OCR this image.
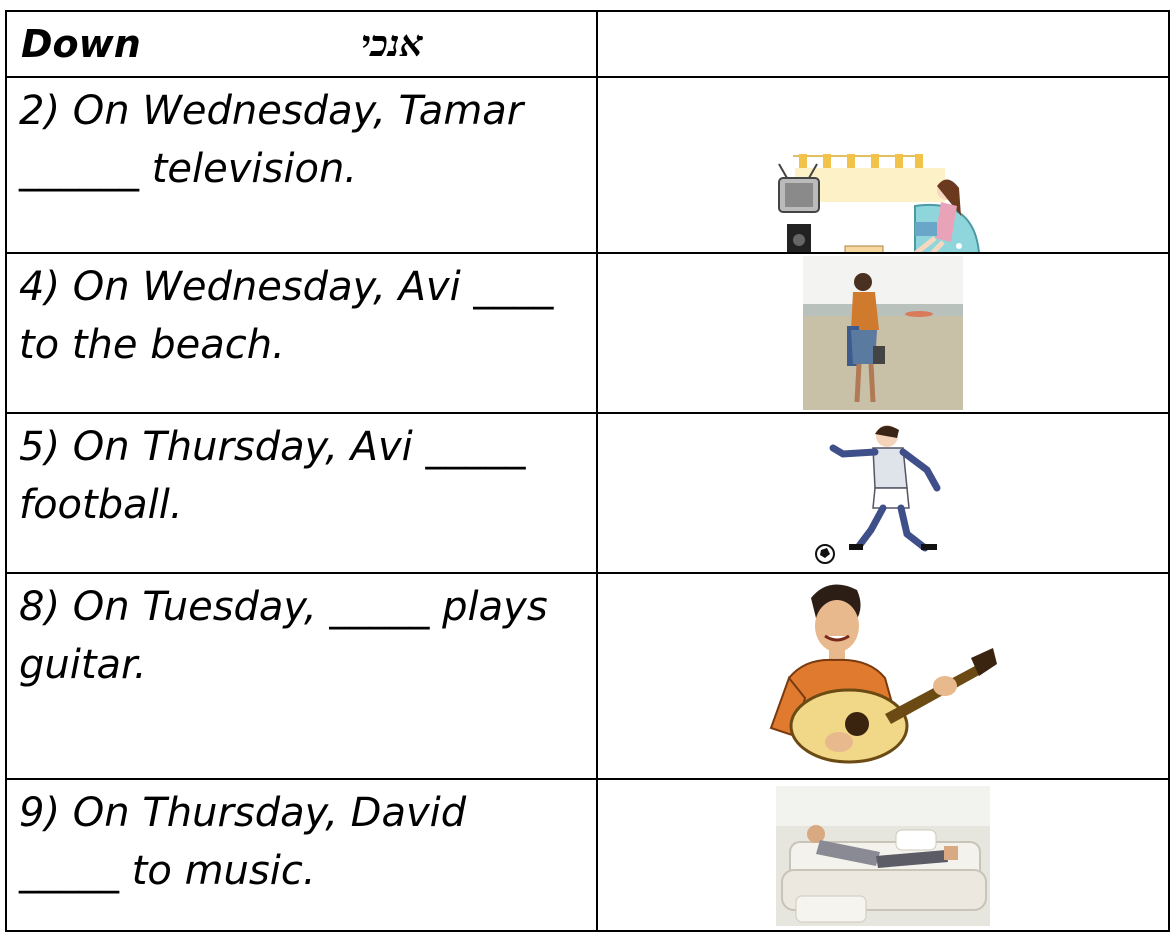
Down אנכי	

2) On Wednesday, Tamar
______ television.

4) On Wednesday, Avi ____
to the beach.

5) On Thursday, Avi _____
football.

8) On Tuesday, _____ plays
guitar.

9) On Thursday, David
_____ to music.
